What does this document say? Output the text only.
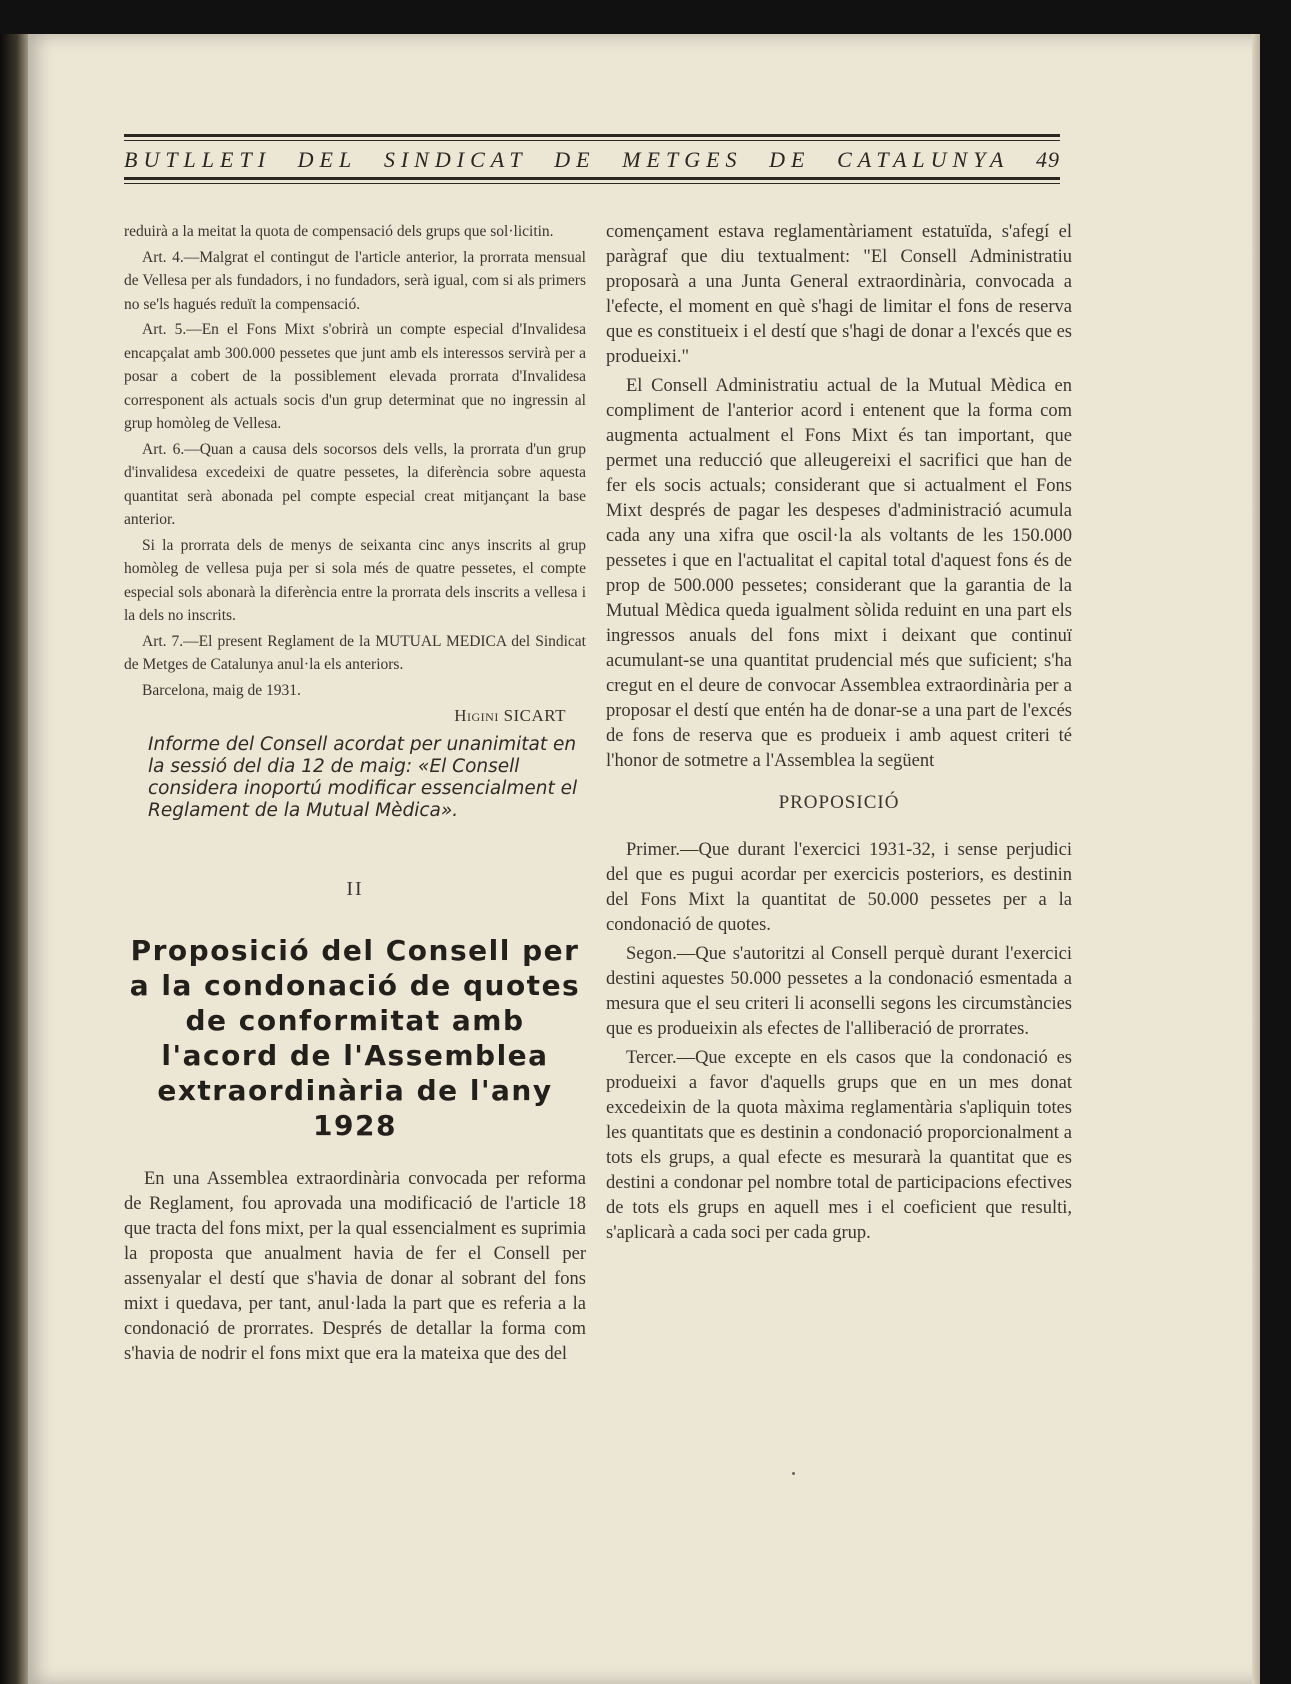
BUTLLETI DEL SINDICAT DE METGES DE CATALUNYA 49

reduirà a la meitat la quota de compensació dels grups que sol·licitin.

Art. 4.—Malgrat el contingut de l'article anterior, la prorrata mensual de Vellesa per als fundadors, i no fundadors, serà igual, com si als primers no se'ls hagués reduït la compensació.

Art. 5.—En el Fons Mixt s'obrirà un compte especial d'Invalidesa encapçalat amb 300.000 pessetes que junt amb els interessos servirà per a posar a cobert de la possiblement elevada prorrata d'Invalidesa corresponent als actuals socis d'un grup determinat que no ingressin al grup homòleg de Vellesa.

Art. 6.—Quan a causa dels socorsos dels vells, la prorrata d'un grup d'invalidesa excedeixi de quatre pessetes, la diferència sobre aquesta quantitat serà abonada pel compte especial creat mitjançant la base anterior.

Si la prorrata dels de menys de seixanta cinc anys inscrits al grup homòleg de vellesa puja per si sola més de quatre pessetes, el compte especial sols abonarà la diferència entre la prorrata dels inscrits a vellesa i la dels no inscrits.

Art. 7.—El present Reglament de la MUTUAL MEDICA del Sindicat de Metges de Catalunya anul·la els anteriors.

Barcelona, maig de 1931.

Higini SICART
Informe del Consell acordat per unanimitat en la sessió del dia 12 de maig: «El Consell considera inoportú modificar essencialment el Reglament de la Mutual Mèdica».
II
Proposició del Consell per a la condonació de quotes de conformitat amb l'acord de l'Assemblea extraordinària de l'any 1928

En una Assemblea extraordinària convocada per reforma de Reglament, fou aprovada una modificació de l'article 18 que tracta del fons mixt, per la qual essencialment es suprimia la proposta que anualment havia de fer el Consell per assenyalar el destí que s'havia de donar al sobrant del fons mixt i quedava, per tant, anul·lada la part que es referia a la condonació de prorrates. Després de detallar la forma com s'havia de nodrir el fons mixt que era la mateixa que des del

començament estava reglamentàriament estatuïda, s'afegí el paràgraf que diu textualment: "El Consell Administratiu proposarà a una Junta General extraordinària, convocada a l'efecte, el moment en què s'hagi de limitar el fons de reserva que es constitueix i el destí que s'hagi de donar a l'excés que es produeixi."

El Consell Administratiu actual de la Mutual Mèdica en compliment de l'anterior acord i entenent que la forma com augmenta actualment el Fons Mixt és tan important, que permet una reducció que alleugereixi el sacrifici que han de fer els socis actuals; considerant que si actualment el Fons Mixt després de pagar les despeses d'administració acumula cada any una xifra que oscil·la als voltants de les 150.000 pessetes i que en l'actualitat el capital total d'aquest fons és de prop de 500.000 pessetes; considerant que la garantia de la Mutual Mèdica queda igualment sòlida reduint en una part els ingressos anuals del fons mixt i deixant que continuï acumulant-se una quantitat prudencial més que suficient; s'ha cregut en el deure de convocar Assemblea extraordinària per a proposar el destí que entén ha de donar-se a una part de l'excés de fons de reserva que es produeix i amb aquest criteri té l'honor de sotmetre a l'Assemblea la següent

PROPOSICIÓ

Primer.—Que durant l'exercici 1931-32, i sense perjudici del que es pugui acordar per exercicis posteriors, es destinin del Fons Mixt la quantitat de 50.000 pessetes per a la condonació de quotes.

Segon.—Que s'autoritzi al Consell perquè durant l'exercici destini aquestes 50.000 pessetes a la condonació esmentada a mesura que el seu criteri li aconselli segons les circumstàncies que es produeixin als efectes de l'alliberació de prorrates.

Tercer.—Que excepte en els casos que la condonació es produeixi a favor d'aquells grups que en un mes donat excedeixin de la quota màxima reglamentària s'apliquin totes les quantitats que es destinin a condonació proporcionalment a tots els grups, a qual efecte es mesurarà la quantitat que es destini a condonar pel nombre total de participacions efectives de tots els grups en aquell mes i el coeficient que resulti, s'aplicarà a cada soci per cada grup.
